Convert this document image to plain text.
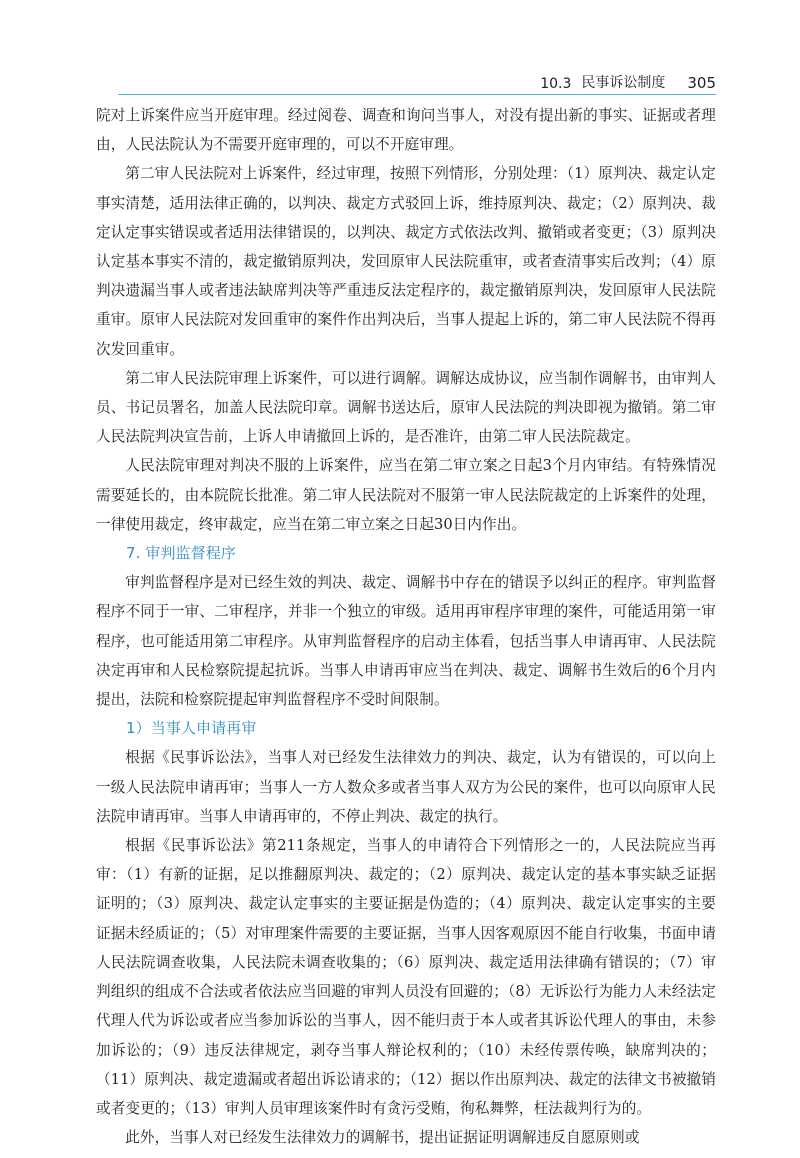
10.3 民事诉讼制度 305

院对上诉案件应当开庭审理。经过阅卷、调查和询问当事人，对没有提出新的事实、证据或者理由，人民法院认为不需要开庭审理的，可以不开庭审理。

第二审人民法院对上诉案件，经过审理，按照下列情形，分别处理：（1）原判决、裁定认定事实清楚，适用法律正确的，以判决、裁定方式驳回上诉，维持原判决、裁定；（2）原判决、裁定认定事实错误或者适用法律错误的，以判决、裁定方式依法改判、撤销或者变更；（3）原判决认定基本事实不清的，裁定撤销原判决，发回原审人民法院重审，或者查清事实后改判；（4）原判决遗漏当事人或者违法缺席判决等严重违反法定程序的，裁定撤销原判决，发回原审人民法院重审。原审人民法院对发回重审的案件作出判决后，当事人提起上诉的，第二审人民法院不得再次发回重审。

第二审人民法院审理上诉案件，可以进行调解。调解达成协议，应当制作调解书，由审判人员、书记员署名，加盖人民法院印章。调解书送达后，原审人民法院的判决即视为撤销。第二审人民法院判决宣告前，上诉人申请撤回上诉的，是否准许，由第二审人民法院裁定。

人民法院审理对判决不服的上诉案件，应当在第二审立案之日起3个月内审结。有特殊情况需要延长的，由本院院长批准。第二审人民法院对不服第一审人民法院裁定的上诉案件的处理，一律使用裁定，终审裁定，应当在第二审立案之日起30日内作出。

7. 审判监督程序

审判监督程序是对已经生效的判决、裁定、调解书中存在的错误予以纠正的程序。审判监督程序不同于一审、二审程序，并非一个独立的审级。适用再审程序审理的案件，可能适用第一审程序，也可能适用第二审程序。从审判监督程序的启动主体看，包括当事人申请再审、人民法院决定再审和人民检察院提起抗诉。当事人申请再审应当在判决、裁定、调解书生效后的6个月内提出，法院和检察院提起审判监督程序不受时间限制。

1）当事人申请再审

根据《民事诉讼法》，当事人对已经发生法律效力的判决、裁定，认为有错误的，可以向上一级人民法院申请再审；当事人一方人数众多或者当事人双方为公民的案件，也可以向原审人民法院申请再审。当事人申请再审的，不停止判决、裁定的执行。

根据《民事诉讼法》第211条规定，当事人的申请符合下列情形之一的，人民法院应当再审：（1）有新的证据，足以推翻原判决、裁定的；（2）原判决、裁定认定的基本事实缺乏证据证明的；（3）原判决、裁定认定事实的主要证据是伪造的；（4）原判决、裁定认定事实的主要证据未经质证的；（5）对审理案件需要的主要证据，当事人因客观原因不能自行收集，书面申请人民法院调查收集，人民法院未调查收集的；（6）原判决、裁定适用法律确有错误的；（7）审判组织的组成不合法或者依法应当回避的审判人员没有回避的；（8）无诉讼行为能力人未经法定代理人代为诉讼或者应当参加诉讼的当事人，因不能归责于本人或者其诉讼代理人的事由，未参加诉讼的；（9）违反法律规定，剥夺当事人辩论权利的；（10）未经传票传唤，缺席判决的；（11）原判决、裁定遗漏或者超出诉讼请求的；（12）据以作出原判决、裁定的法律文书被撤销或者变更的；（13）审判人员审理该案件时有贪污受贿，徇私舞弊，枉法裁判行为的。

此外，当事人对已经发生法律效力的调解书，提出证据证明调解违反自愿原则或
